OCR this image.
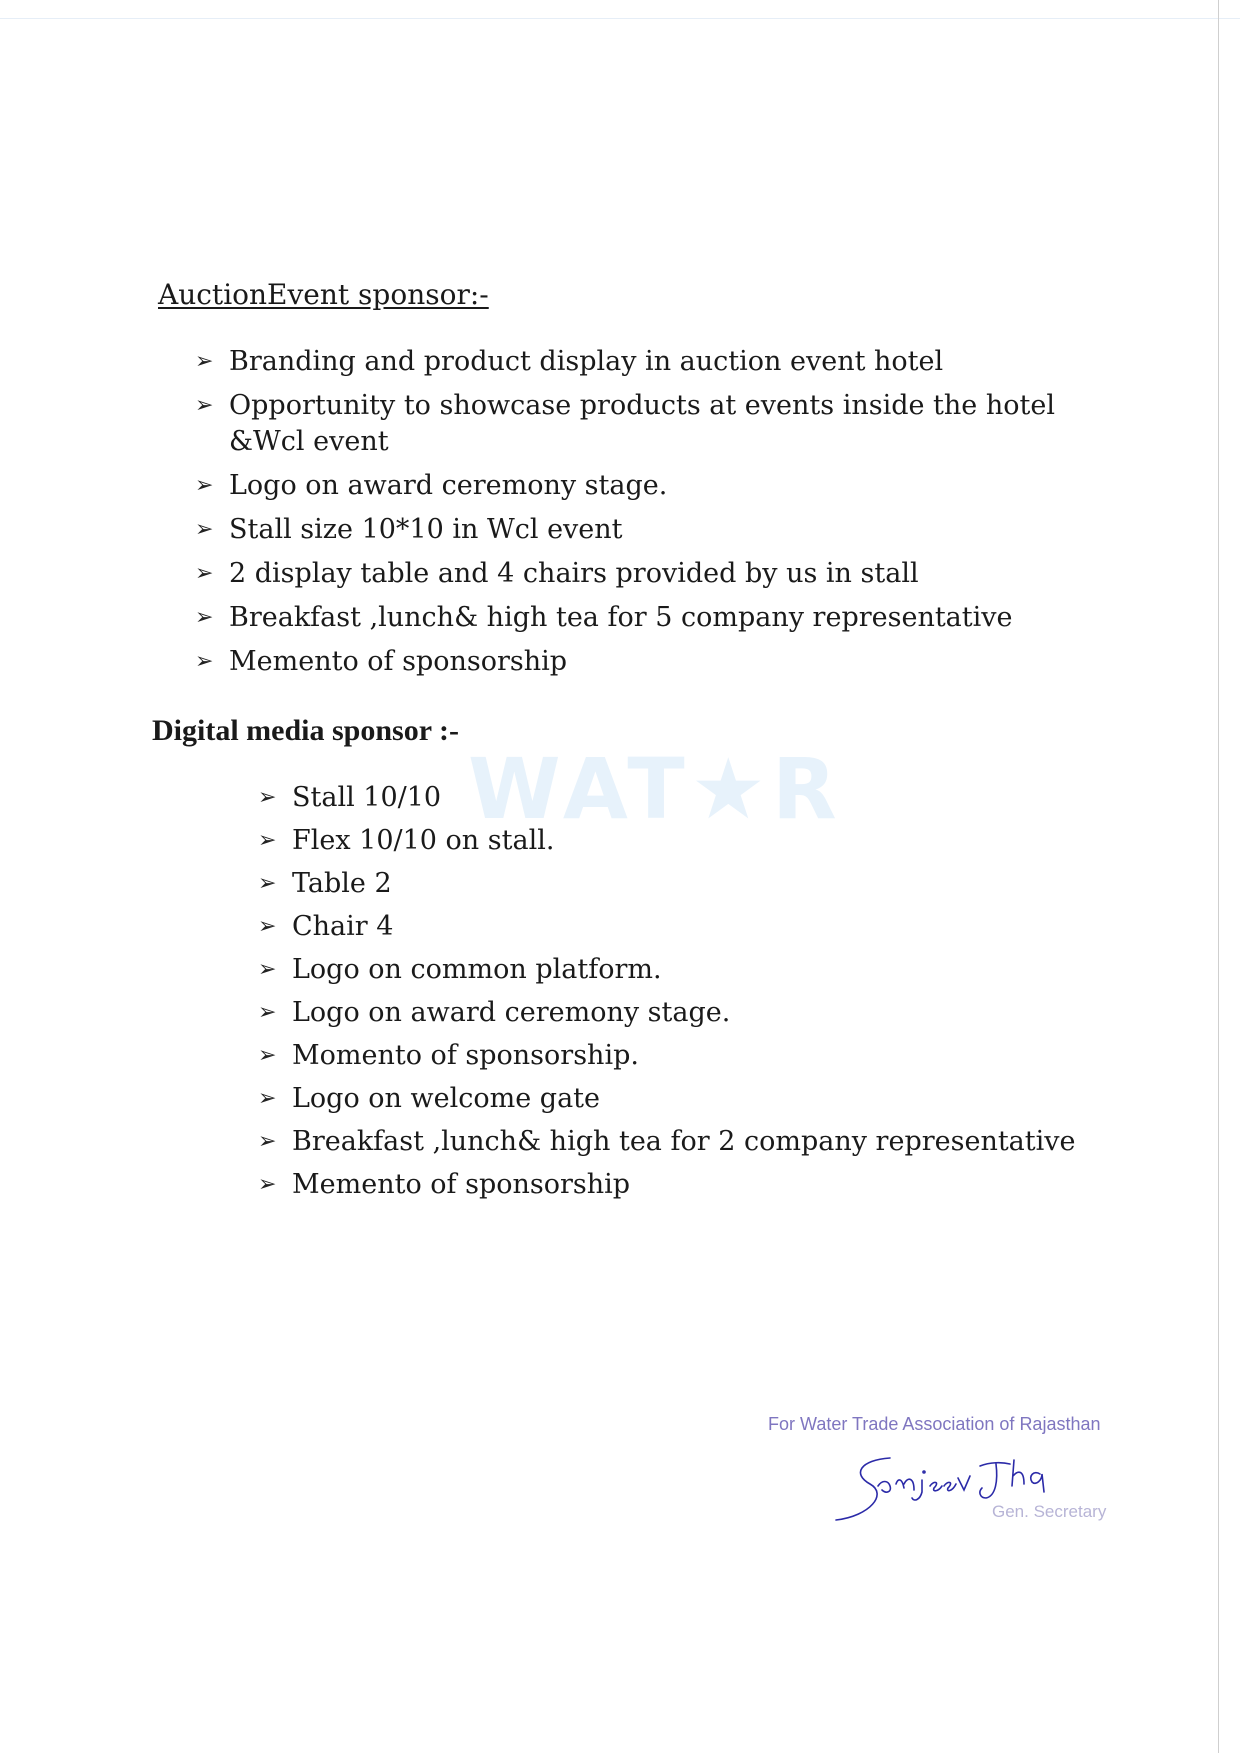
WAT★R
AuctionEvent sponsor:-
➢ Branding and product display in auction event hotel
➢ Opportunity to showcase products at events inside the hotel &Wcl event
➢ Logo on award ceremony stage.
➢ Stall size 10*10 in Wcl event
➢ 2 display table and 4 chairs provided by us in stall
➢ Breakfast ,lunch& high tea for 5 company representative
➢ Memento of sponsorship
Digital media sponsor :-
➢ Stall 10/10
➢ Flex 10/10 on stall.
➢ Table 2
➢ Chair 4
➢ Logo on common platform.
➢ Logo on award ceremony stage.
➢ Momento of sponsorship.
➢ Logo on welcome gate
➢ Breakfast ,lunch& high tea for 2 company representative
➢ Memento of sponsorship
For Water Trade Association of Rajasthan
Gen. Secretary
